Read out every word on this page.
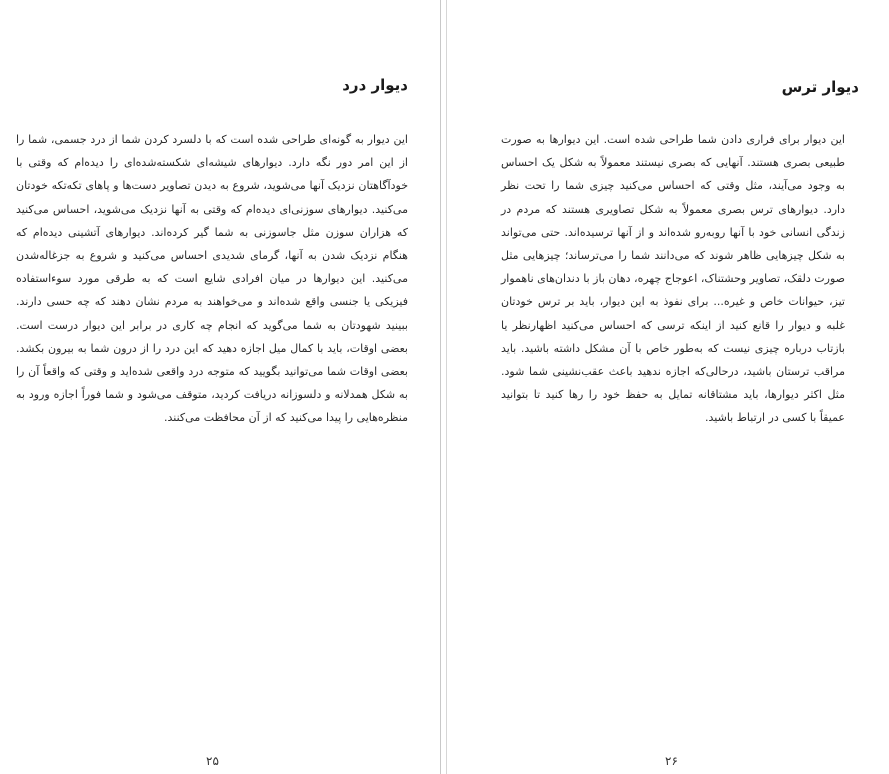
دیوار درد

این دیوار به گونه‌ای طراحی شده است که با دلسرد کردن شما از درد جسمی، شما را از این امر دور نگه دارد. دیوارهای شیشه‌ای شکسته‌شده‌ای را دیده‌ام که وقتی با خودآگاهتان نزدیک آنها می‌شوید، شروع به دیدن تصاویر دست‌ها و پاهای تکه‌تکه خودتان می‌کنید. دیوارهای سوزنی‌ای دیده‌ام که وقتی به آنها نزدیک می‌شوید، احساس می‌کنید که هزاران سوزن مثل جاسوزنی به شما گیر کرده‌اند. دیوارهای آتشینی دیده‌ام که هنگام نزدیک شدن به آنها، گرمای شدیدی احساس می‌کنید و شروع به جزغاله‌شدن می‌کنید. این دیوارها در میان افرادی شایع است که به طرقی مورد سوءاستفاده فیزیکی یا جنسی واقع شده‌اند و می‌خواهند به مردم نشان دهند که چه حسی دارند. ببینید شهودتان به شما می‌گوید که انجام چه کاری در برابر این دیوار درست است. بعضی اوقات، باید با کمال میل اجازه دهید که این درد را از درون شما به بیرون بکشد. بعضی اوقات شما می‌توانید بگویید که متوجه درد واقعی شده‌اید و وقتی که واقعاً آن را به شکل همدلانه و دلسوزانه دریافت کردید، متوقف می‌شود و شما فوراً اجازه ورود به منظره‌هایی را پیدا می‌کنید که از آن محافظت می‌کنند.

۲۵
دیوار ترس

این دیوار برای فراری دادن شما طراحی شده است. این دیوارها به صورت طبیعی بصری هستند. آنهایی که بصری نیستند معمولاً به شکل یک احساس به وجود می‌آیند، مثل وقتی که احساس می‌کنید چیزی شما را تحت نظر دارد. دیوارهای ترس بصری معمولاً به شکل تصاویری هستند که مردم در زندگی انسانی خود با آنها روبه‌رو شده‌اند و از آنها ترسیده‌اند. حتی می‌تواند به شکل چیزهایی ظاهر شوند که می‌دانند شما را می‌ترساند؛ چیزهایی مثل صورت دلقک، تصاویر وحشتناک، اعوجاج چهره، دهان باز با دندان‌های ناهموار تیز، حیوانات خاص و غیره... برای نفوذ به این دیوار، باید بر ترس خودتان غلبه و دیوار را قانع کنید از اینکه ترسی که احساس می‌کنید اظهارنظر یا بازتاب درباره چیزی نیست که به‌طور خاص با آن مشکل داشته باشید. باید مراقب ترستان باشید، درحالی‌که اجازه ندهید باعث عقب‌نشینی شما شود. مثل اکثر دیوارها، باید مشتاقانه تمایل به حفظ خود را رها کنید تا بتوانید عمیقاً با کسی در ارتباط باشید.

۲۶
